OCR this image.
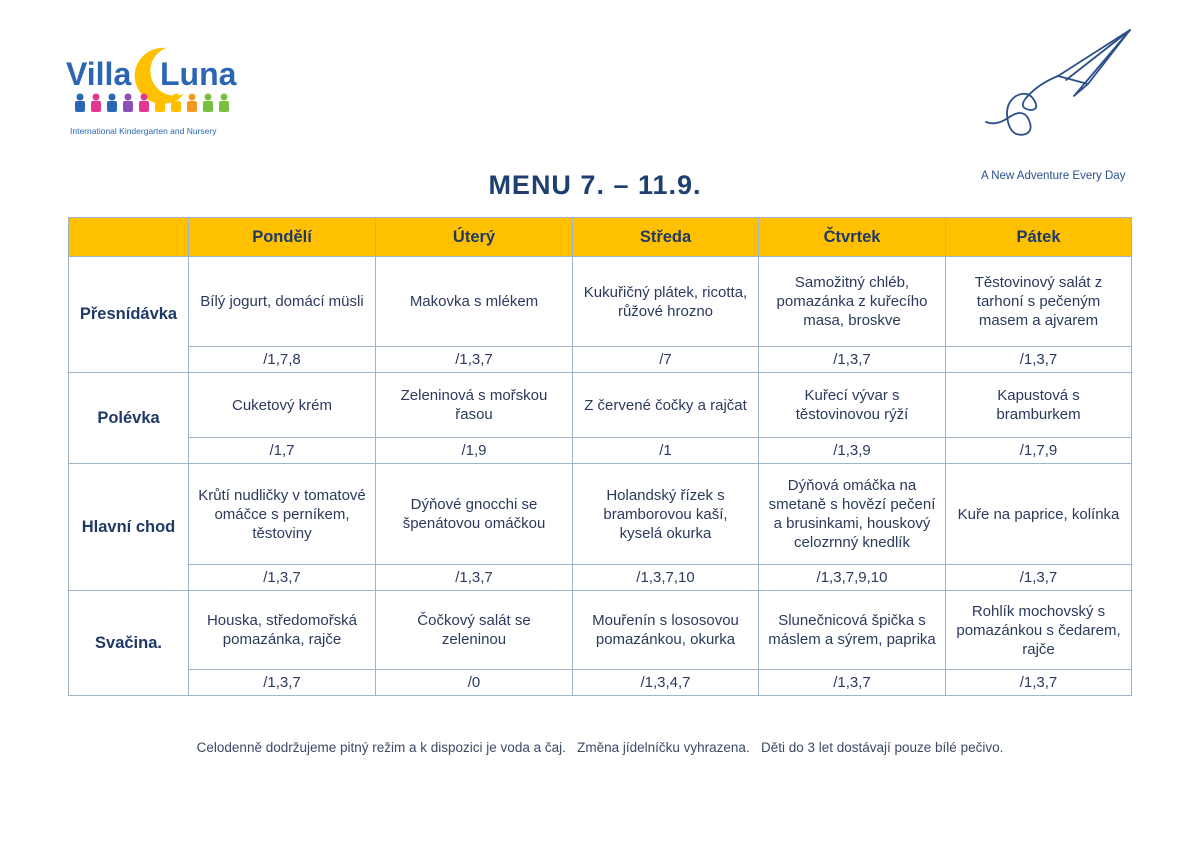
Villa Luna
International Kindergarten and Nursery
A New Adventure Every Day
MENU 7. – 11.9.
	Pondělí	Úterý	Středa	Čtvrtek	Pátek
Přesnídávka	Bílý jogurt, domácí müsli	Makovka s mlékem	Kukuřičný plátek, ricotta, růžové hrozno	Samožitný chléb, pomazánka z kuřecího masa, broskve	Těstovinový salát z tarhoní s pečeným masem a ajvarem
	/1,7,8	/1,3,7	/7	/1,3,7	/1,3,7
Polévka	Cuketový krém	Zeleninová s mořskou řasou	Z červené čočky a rajčat	Kuřecí vývar s těstovinovou rýží	Kapustová s bramburkem
	/1,7	/1,9	/1	/1,3,9	/1,7,9
Hlavní chod	Krůtí nudličky v tomatové omáčce s perníkem, těstoviny	Dýňové gnocchi se špenátovou omáčkou	Holandský řízek s bramborovou kaší, kyselá okurka	Dýňová omáčka na smetaně s hovězí pečení a brusinkami, houskový celozrnný knedlík	Kuře na paprice, kolínka
	/1,3,7	/1,3,7	/1,3,7,10	/1,3,7,9,10	/1,3,7
Svačina.	Houska, středomořská pomazánka, rajče	Čočkový salát se zeleninou	Mouřenín s lososovou pomazánkou, okurka	Slunečnicová špička s máslem a sýrem, paprika	Rohlík mochovský s pomazánkou s čedarem, rajče
	/1,3,7	/0	/1,3,4,7	/1,3,7	/1,3,7
Celodenně dodržujeme pitný režim a k dispozici je voda a čaj.   Změna jídelníčku vyhrazena.   Děti do 3 let dostávají pouze bílé pečivo.
